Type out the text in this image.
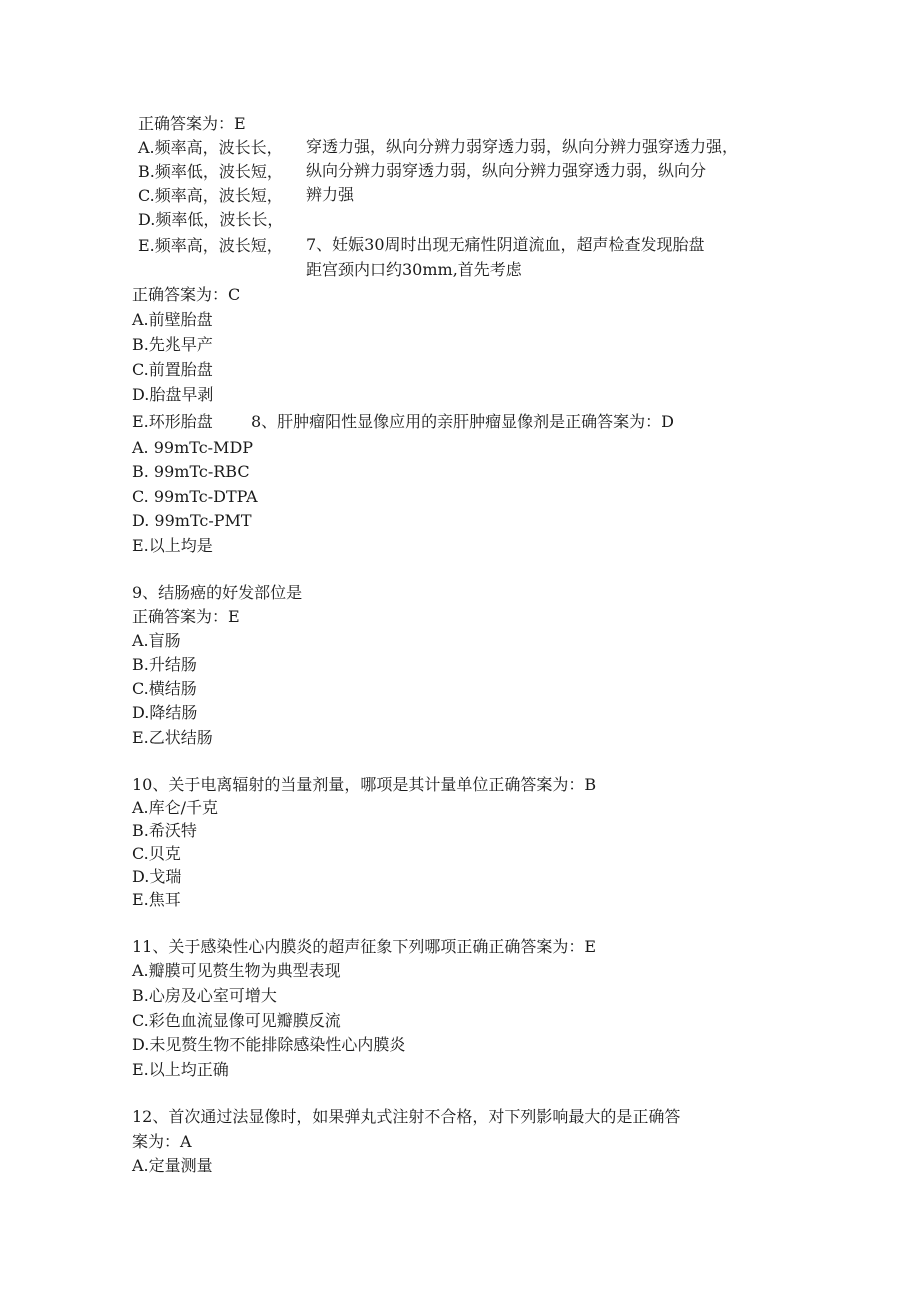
正确答案为：E
A.频率高，波长长，
B.频率低，波长短，
C.频率高，波长短，
D.频率低，波长长，
E.频率高，波长短，
穿透力强，纵向分辨力弱穿透力弱，纵向分辨力强穿透力强，
纵向分辨力弱穿透力弱，纵向分辨力强穿透力弱，纵向分
辨力强
7、妊娠30周时出现无痛性阴道流血，超声检查发现胎盘
距宫颈内口约30mm,首先考虑
正确答案为：C
A.前壁胎盘
B.先兆早产
C.前置胎盘
D.胎盘早剥
E.环形胎盘 8、肝肿瘤阳性显像应用的亲肝肿瘤显像剂是正确答案为：D
A. 99mTc-MDP
B. 99mTc-RBC
C. 99mTc-DTPA
D. 99mTc-PMT
E.以上均是
9、结肠癌的好发部位是
正确答案为：E
A.盲肠
B.升结肠
C.横结肠
D.降结肠
E.乙状结肠
10、关于电离辐射的当量剂量，哪项是其计量单位正确答案为：B
A.库仑/千克
B.希沃特
C.贝克
D.戈瑞
E.焦耳
11、关于感染性心内膜炎的超声征象下列哪项正确正确答案为：E
A.瓣膜可见赘生物为典型表现
B.心房及心室可增大
C.彩色血流显像可见瓣膜反流
D.未见赘生物不能排除感染性心内膜炎
E.以上均正确
12、首次通过法显像时，如果弹丸式注射不合格，对下列影响最大的是正确答
案为：A
A.定量测量
